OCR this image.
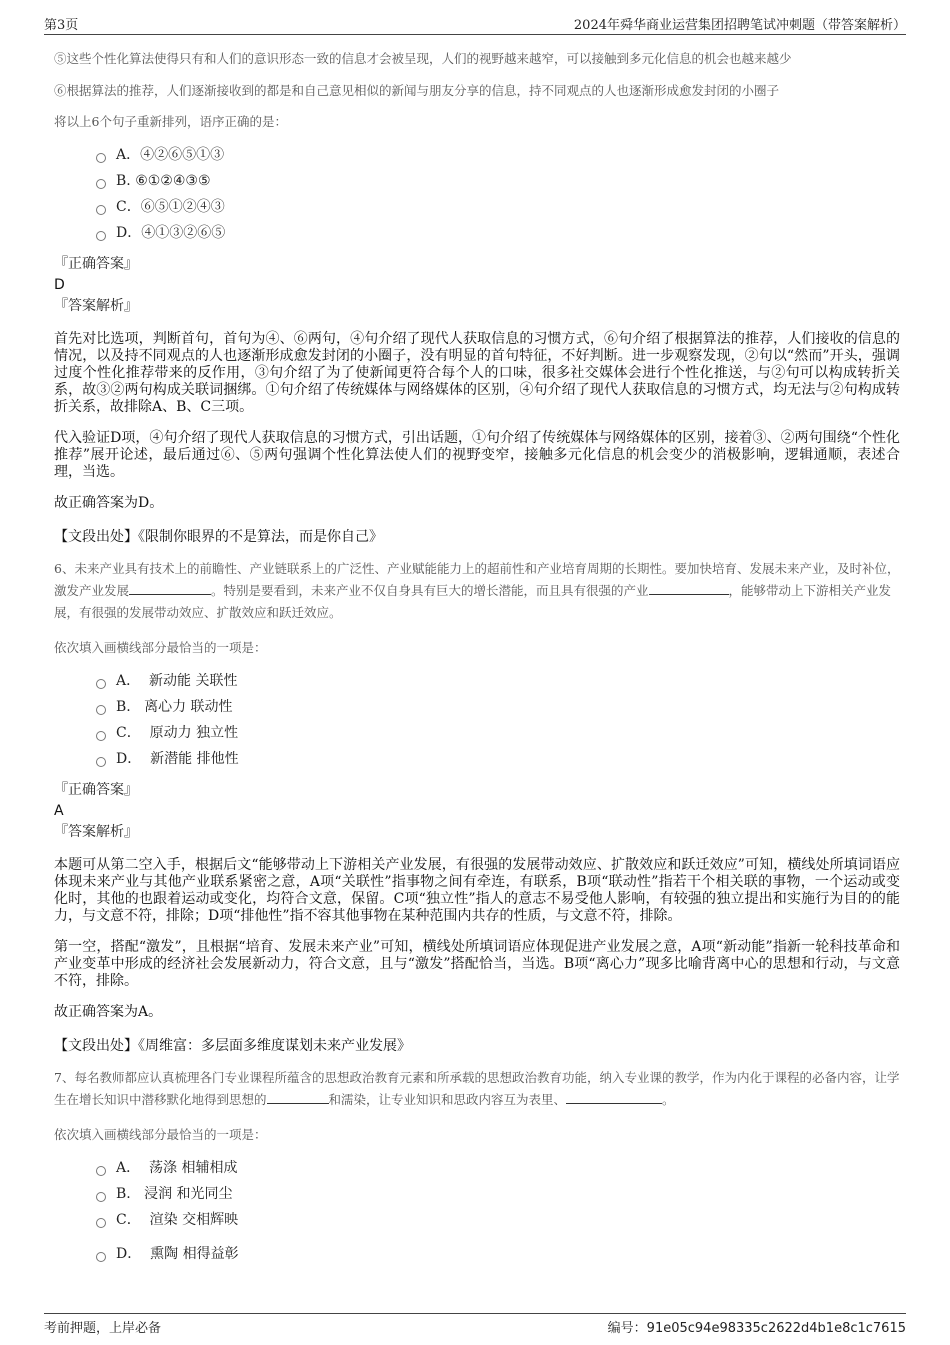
第3页	2024年舜华商业运营集团招聘笔试冲刺题（带答案解析）
⑤这些个性化算法使得只有和人们的意识形态一致的信息才会被呈现，人们的视野越来越窄，可以接触到多元化信息的机会也越来越少
⑥根据算法的推荐，人们逐渐接收到的都是和自己意见相似的新闻与朋友分享的信息，持不同观点的人也逐渐形成愈发封闭的小圈子
将以上6个句子重新排列，语序正确的是：
A．④②⑥⑤①③
B. ⑥①②④③⑤
C．⑥⑤①②④③
D．④①③②⑥⑤
『正确答案』
D
『答案解析』
首先对比选项，判断首句，首句为④、⑥两句，④句介绍了现代人获取信息的习惯方式，⑥句介绍了根据算法的推荐，人们接收的信息的情况，以及持不同观点的人也逐渐形成愈发封闭的小圈子，没有明显的首句特征，不好判断。进一步观察发现，②句以“然而”开头，强调过度个性化推荐带来的反作用，③句介绍了为了使新闻更符合每个人的口味，很多社交媒体会进行个性化推送，与②句可以构成转折关系，故③②两句构成关联词捆绑。①句介绍了传统媒体与网络媒体的区别，④句介绍了现代人获取信息的习惯方式，均无法与②句构成转折关系，故排除A、B、C三项。
代入验证D项，④句介绍了现代人获取信息的习惯方式，引出话题，①句介绍了传统媒体与网络媒体的区别，接着③、②两句围绕“个性化推荐”展开论述，最后通过⑥、⑤两句强调个性化算法使人们的视野变窄，接触多元化信息的机会变少的消极影响，逻辑通顺，表述合理，当选。
故正确答案为D。
【文段出处】《限制你眼界的不是算法，而是你自己》
6、未来产业具有技术上的前瞻性、产业链联系上的广泛性、产业赋能能力上的超前性和产业培育周期的长期性。要加快培育、发展未来产业，及时补位，激发产业发展	。特别是要看到，未来产业不仅自身具有巨大的增长潜能，而且具有很强的产业	，能够带动上下游相关产业发展，有很强的发展带动效应、扩散效应和跃迁效应。
依次填入画横线部分最恰当的一项是：
A． 新动能 关联性
B. 离心力 联动性
C． 原动力 独立性
D． 新潜能 排他性
『正确答案』
A
『答案解析』
本题可从第二空入手，根据后文“能够带动上下游相关产业发展，有很强的发展带动效应、扩散效应和跃迁效应”可知，横线处所填词语应体现未来产业与其他产业联系紧密之意，A项“关联性”指事物之间有牵连，有联系，B项“联动性”指若干个相关联的事物，一个运动或变化时，其他的也跟着运动或变化，均符合文意，保留。C项“独立性”指人的意志不易受他人影响，有较强的独立提出和实施行为目的的能力，与文意不符，排除；D项“排他性”指不容其他事物在某种范围内共存的性质，与文意不符，排除。
第一空，搭配“激发”，且根据“培育、发展未来产业”可知，横线处所填词语应体现促进产业发展之意，A项“新动能”指新一轮科技革命和产业变革中形成的经济社会发展新动力，符合文意，且与“激发”搭配恰当，当选。B项“离心力”现多比喻背离中心的思想和行动，与文意不符，排除。
故正确答案为A。
【文段出处】《周维富：多层面多维度谋划未来产业发展》
7、每名教师都应认真梳理各门专业课程所蕴含的思想政治教育元素和所承载的思想政治教育功能，纳入专业课的教学，作为内化于课程的必备内容，让学生在增长知识中潜移默化地得到思想的	和濡染，让专业知识和思政内容互为表里、	。
依次填入画横线部分最恰当的一项是：
A． 荡涤 相辅相成
B. 浸润 和光同尘
C． 渲染 交相辉映
D． 熏陶 相得益彰
考前押题，上岸必备	编号：91e05c94e98335c2622d4b1e8c1c7615
